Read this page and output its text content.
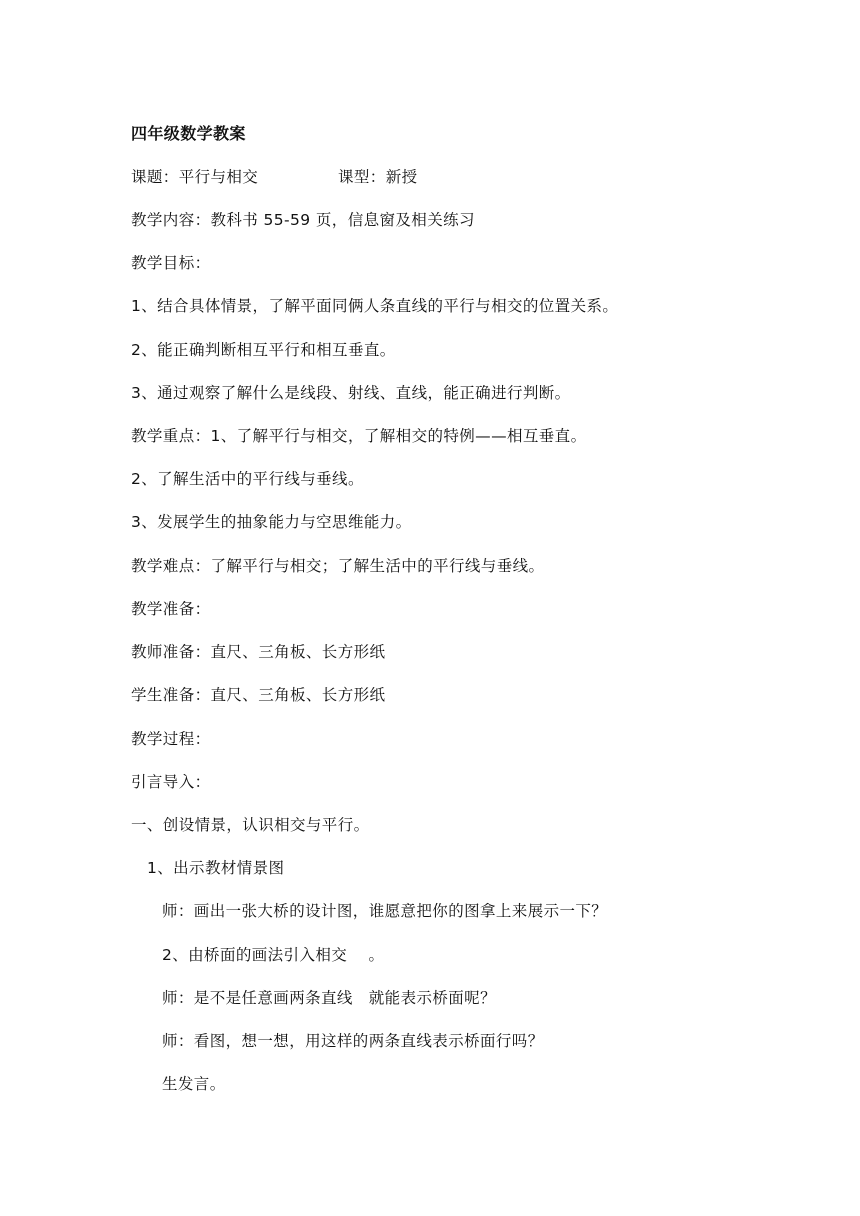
四年级数学教案
课题：平行与相交	课型：新授
教学内容：教科书 55-59 页，信息窗及相关练习
教学目标：
1、结合具体情景，了解平面同俩人条直线的平行与相交的位置关系。
2、能正确判断相互平行和相互垂直。
3、通过观察了解什么是线段、射线、直线，能正确进行判断。
教学重点：1、了解平行与相交，了解相交的特例——相互垂直。
2、了解生活中的平行线与垂线。
3、发展学生的抽象能力与空思维能力。
教学难点：了解平行与相交；了解生活中的平行线与垂线。
教学准备：
教师准备：直尺、三角板、长方形纸
学生准备：直尺、三角板、长方形纸
教学过程：
引言导入：
一、创设情景，认识相交与平行。
1、出示教材情景图
师：画出一张大桥的设计图，谁愿意把你的图拿上来展示一下？
2、由桥面的画法引入相交    。
师：是不是任意画两条直线   就能表示桥面呢？
师：看图，想一想，用这样的两条直线表示桥面行吗？
生发言。
